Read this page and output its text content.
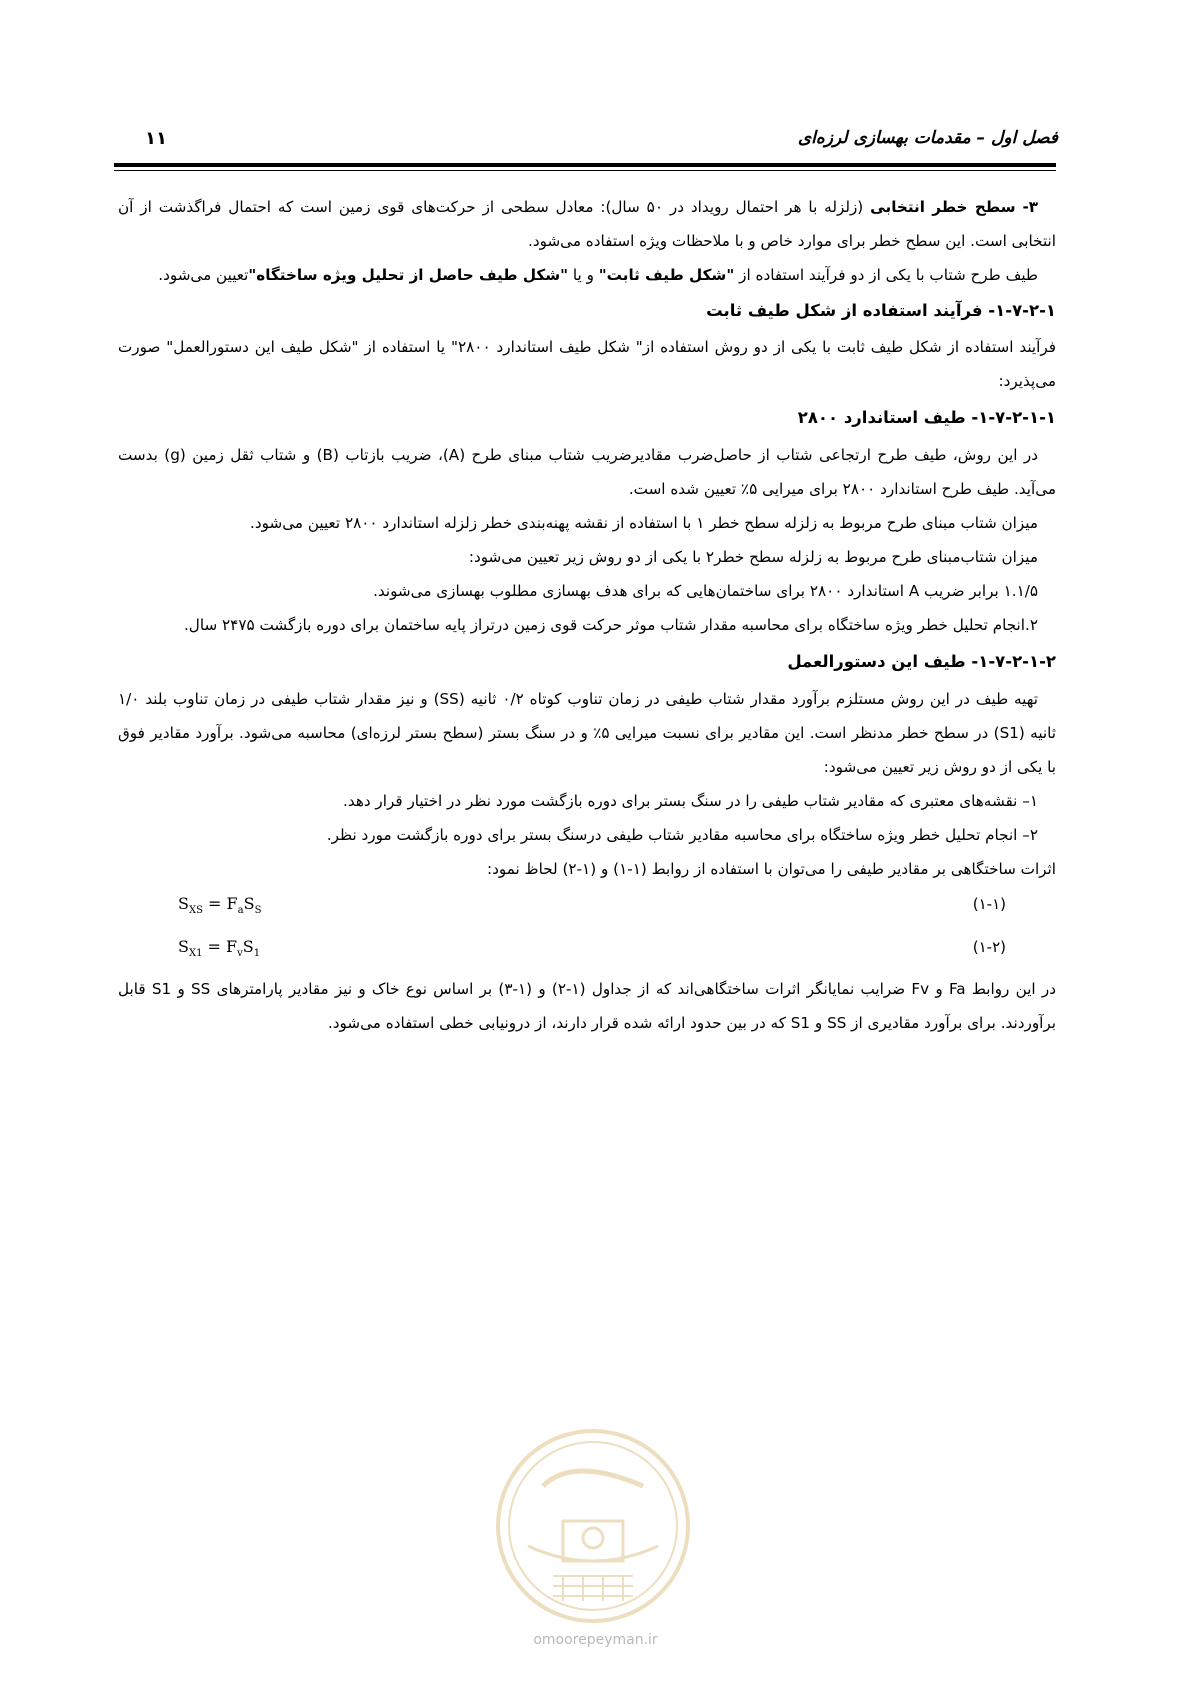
فصل اول – مقدمات بهسازی لرزه‌ای
۱۱

۳- سطح خطر انتخابی (زلزله با هر احتمال رویداد در ۵۰ سال): معادل سطحی از حرکت‌های قوی زمین است که احتمال فراگذشت از آن انتخابی است. این سطح خطر برای موارد خاص و با ملاحظات ویژه استفاده می‌شود.

طیف طرح شتاب با یکی از دو فرآیند استفاده از "شکل طیف ثابت" و یا "شکل طیف حاصل از تحلیل ویژه ساختگاه"تعیین می‌شود.

۱-۷-۲-۱- فرآیند استفاده از شکل طیف ثابت

فرآیند استفاده از شکل طیف ثابت با یکی از دو روش استفاده از" شکل طیف استاندارد ۲۸۰۰" یا استفاده از "شکل طیف این دستورالعمل" صورت می‌پذیرد:

۱-۷-۲-۱-۱- طیف استاندارد ۲۸۰۰

در این روش، طیف طرح ارتجاعی شتاب از حاصل‌ضرب مقادیرضریب شتاب مبنای طرح (A)، ضریب بازتاب (B) و شتاب ثقل زمین (g) بدست می‌آید. طیف طرح استاندارد ۲۸۰۰ برای میرایی ۵٪ تعیین شده است.

میزان شتاب مبنای طرح مربوط به زلزله سطح خطر ۱ با استفاده از نقشه پهنه‌بندی خطر زلزله استاندارد ۲۸۰۰ تعیین می‌شود.

میزان شتاب‌مبنای طرح مربوط به زلزله سطح خطر۲ با یکی از دو روش زیر تعیین می‌شود:

۱.۱/۵ برابر ضریب A استاندارد ۲۸۰۰ برای ساختمان‌هایی که برای هدف بهسازی مطلوب بهسازی می‌شوند.

۲.انجام تحلیل خطر ویژه ساختگاه برای محاسبه مقدار شتاب موثر حرکت قوی زمین درتراز پایه ساختمان برای دوره بازگشت ۲۴۷۵ سال.

۱-۷-۲-۱-۲- طیف این دستورالعمل

تهیه طیف در این روش مستلزم برآورد مقدار شتاب طیفی در زمان تناوب کوتاه ۰/۲ ثانیه (SS) و نیز مقدار شتاب طیفی در زمان تناوب بلند ۱/۰ ثانیه (S1) در سطح خطر مدنظر است. این مقادیر برای نسبت میرایی ۵٪ و در سنگ بستر (سطح بستر لرزه‌ای) محاسبه می‌شود. برآورد مقادیر فوق با یکی از دو روش زیر تعیین می‌شود:

۱– نقشه‌های معتبری که مقادیر شتاب طیفی را در سنگ بستر برای دوره بازگشت مورد نظر در اختیار قرار دهد.

۲– انجام تحلیل خطر ویژه ساختگاه برای محاسبه مقادیر شتاب طیفی درسنگ بستر برای دوره بازگشت مورد نظر.

اثرات ساختگاهی بر مقادیر طیفی را می‌توان با استفاده از روابط (۱-۱) و (۱-۲) لحاظ نمود:

$S_{XS} = F_aS_S$	(۱-۱)
$S_{X1} = F_vS_1$	(۱-۲)

در این روابط Fa و Fv ضرایب نمایانگر اثرات ساختگاهی‌اند که از جداول (۱-۲) و (۱-۳) بر اساس نوع خاک و نیز مقادیر پارامترهای SS و S1 قابل برآوردند. برای برآورد مقادیری از SS و S1 که در بین حدود ارائه شده قرار دارند، از درونیابی خطی استفاده می‌شود.

omoorepeyman.ir
